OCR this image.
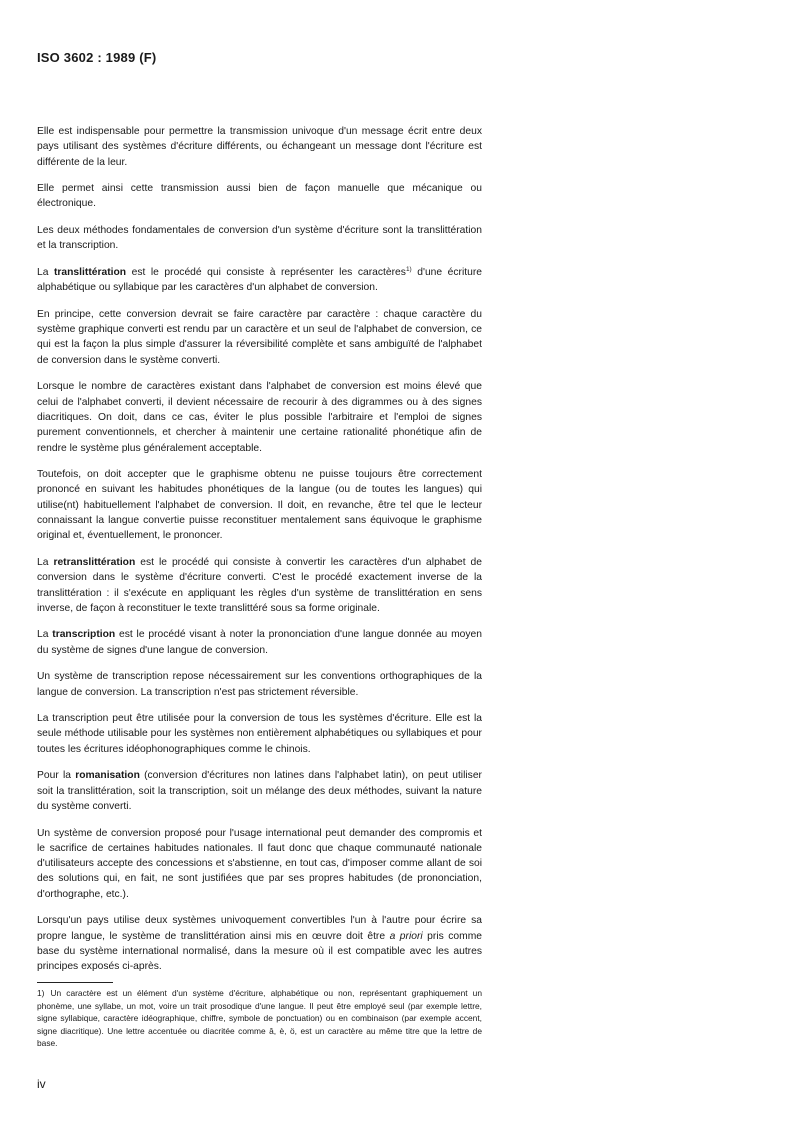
ISO 3602 : 1989 (F)

Elle est indispensable pour permettre la transmission univoque d'un message écrit entre deux pays utilisant des systèmes d'écriture différents, ou échangeant un message dont l'écriture est différente de la leur.

Elle permet ainsi cette transmission aussi bien de façon manuelle que mécanique ou électronique.

Les deux méthodes fondamentales de conversion d'un système d'écriture sont la translittération et la transcription.

La translittération est le procédé qui consiste à représenter les caractères$^{1)}$ d'une écriture alphabétique ou syllabique par les caractères d'un alphabet de conversion.

En principe, cette conversion devrait se faire caractère par caractère : chaque caractère du système graphique converti est rendu par un caractère et un seul de l'alphabet de conversion, ce qui est la façon la plus simple d'assurer la réversibilité complète et sans ambiguïté de l'alphabet de conversion dans le système converti.

Lorsque le nombre de caractères existant dans l'alphabet de conversion est moins élevé que celui de l'alphabet converti, il devient nécessaire de recourir à des digrammes ou à des signes diacritiques. On doit, dans ce cas, éviter le plus possible l'arbitraire et l'emploi de signes purement conventionnels, et chercher à maintenir une certaine rationalité phonétique afin de rendre le système plus généralement acceptable.

Toutefois, on doit accepter que le graphisme obtenu ne puisse toujours être correctement prononcé en suivant les habitudes phonétiques de la langue (ou de toutes les langues) qui utilise(nt) habituellement l'alphabet de conversion. Il doit, en revanche, être tel que le lecteur connaissant la langue convertie puisse reconstituer mentalement sans équivoque le graphisme original et, éventuellement, le prononcer.

La retranslittération est le procédé qui consiste à convertir les caractères d'un alphabet de conversion dans le système d'écriture converti. C'est le procédé exactement inverse de la translittération : il s'exécute en appliquant les règles d'un système de translittération en sens inverse, de façon à reconstituer le texte translittéré sous sa forme originale.

La transcription est le procédé visant à noter la prononciation d'une langue donnée au moyen du système de signes d'une langue de conversion.

Un système de transcription repose nécessairement sur les conventions orthographiques de la langue de conversion. La transcription n'est pas strictement réversible.

La transcription peut être utilisée pour la conversion de tous les systèmes d'écriture. Elle est la seule méthode utilisable pour les systèmes non entièrement alphabétiques ou syllabiques et pour toutes les écritures idéophonographiques comme le chinois.

Pour la romanisation (conversion d'écritures non latines dans l'alphabet latin), on peut utiliser soit la translittération, soit la transcription, soit un mélange des deux méthodes, suivant la nature du système converti.

Un système de conversion proposé pour l'usage international peut demander des compromis et le sacrifice de certaines habitudes nationales. Il faut donc que chaque communauté nationale d'utilisateurs accepte des concessions et s'abstienne, en tout cas, d'imposer comme allant de soi des solutions qui, en fait, ne sont justifiées que par ses propres habitudes (de prononciation, d'orthographe, etc.).

Lorsqu'un pays utilise deux systèmes univoquement convertibles l'un à l'autre pour écrire sa propre langue, le système de translittération ainsi mis en œuvre doit être a priori pris comme base du système international normalisé, dans la mesure où il est compatible avec les autres principes exposés ci-après.

1) Un caractère est un élément d'un système d'écriture, alphabétique ou non, représentant graphiquement un phonème, une syllabe, un mot, voire un trait prosodique d'une langue. Il peut être employé seul (par exemple lettre, signe syllabique, caractère idéographique, chiffre, symbole de ponctuation) ou en combinaison (par exemple accent, signe diacritique). Une lettre accentuée ou diacritée comme â, è, ö, est un caractère au même titre que la lettre de base.
iv
